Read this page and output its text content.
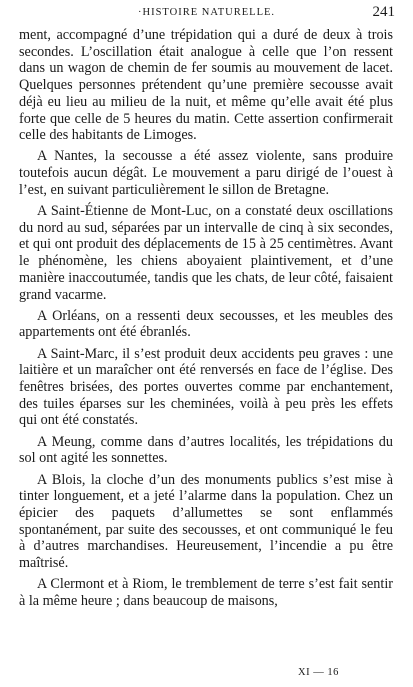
·HISTOIRE NATURELLE.	241

ment, accompagné d’une trépidation qui a duré de deux à trois secondes. L’oscillation était analogue à celle que l’on ressent dans un wagon de chemin de fer soumis au mouvement de lacet. Quelques personnes prétendent qu’une première secousse avait déjà eu lieu au milieu de la nuit, et même qu’elle avait été plus forte que celle de 5 heures du matin. Cette assertion confirmerait celle des habitants de Limoges.

A Nantes, la secousse a été assez violente, sans produire toutefois aucun dégât. Le mouvement a paru dirigé de l’ouest à l’est, en suivant particulièrement le sillon de Bretagne.

A Saint-Étienne de Mont-Luc, on a constaté deux oscillations du nord au sud, séparées par un intervalle de cinq à six secondes, et qui ont produit des déplacements de 15 à 25 centimètres. Avant le phénomène, les chiens aboyaient plaintivement, et d’une manière inaccoutumée, tandis que les chats, de leur côté, faisaient grand vacarme.

A Orléans, on a ressenti deux secousses, et les meubles des appartements ont été ébranlés.

A Saint-Marc, il s’est produit deux accidents peu graves : une laitière et un maraîcher ont été renversés en face de l’église. Des fenêtres brisées, des portes ouvertes comme par enchantement, des tuiles éparses sur les cheminées, voilà à peu près les effets qui ont été constatés.

A Meung, comme dans d’autres localités, les trépidations du sol ont agité les sonnettes.

A Blois, la cloche d’un des monuments publics s’est mise à tinter longuement, et a jeté l’alarme dans la population. Chez un épicier des paquets d’allumettes se sont enflammés spontanément, par suite des secousses, et ont communiqué le feu à d’autres marchandises. Heureusement, l’incendie a pu être maîtrisé.

A Clermont et à Riom, le tremblement de terre s’est fait sentir à la même heure ; dans beaucoup de maisons,

XI — 16
